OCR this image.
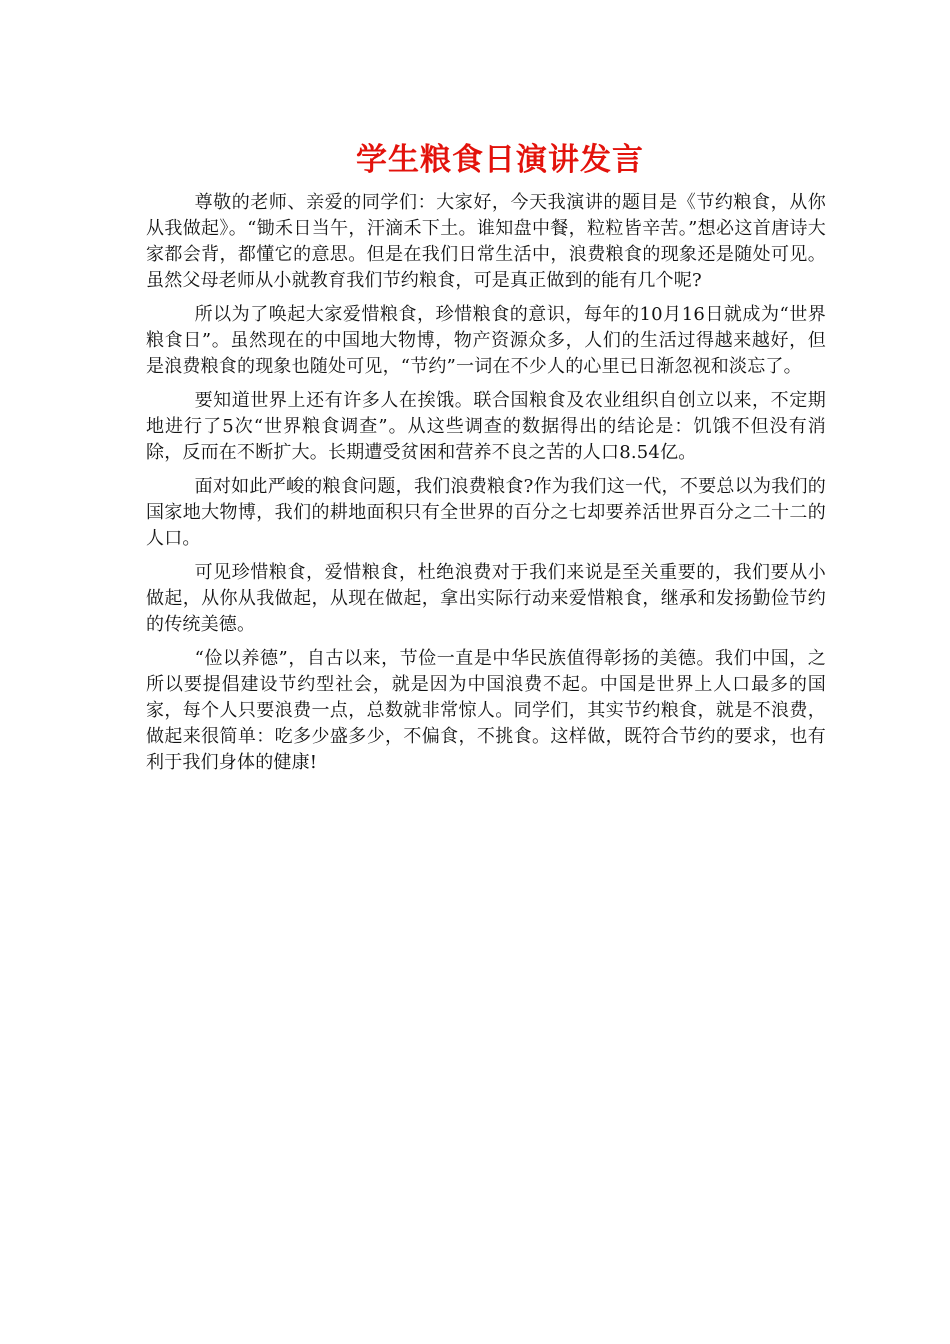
学生粮食日演讲发言

尊敬的老师、亲爱的同学们：大家好，今天我演讲的题目是《节约粮食，从你从我做起》。“锄禾日当午，汗滴禾下土。谁知盘中餐，粒粒皆辛苦。”想必这首唐诗大家都会背，都懂它的意思。但是在我们日常生活中，浪费粮食的现象还是随处可见。虽然父母老师从小就教育我们节约粮食，可是真正做到的能有几个呢?

所以为了唤起大家爱惜粮食，珍惜粮食的意识，每年的10月16日就成为“世界粮食日”。虽然现在的中国地大物博，物产资源众多，人们的生活过得越来越好，但是浪费粮食的现象也随处可见，“节约”一词在不少人的心里已日渐忽视和淡忘了。

要知道世界上还有许多人在挨饿。联合国粮食及农业组织自创立以来，不定期地进行了5次“世界粮食调查”。从这些调查的数据得出的结论是：饥饿不但没有消除，反而在不断扩大。长期遭受贫困和营养不良之苦的人口8.54亿。

面对如此严峻的粮食问题，我们浪费粮食?作为我们这一代，不要总以为我们的国家地大物博，我们的耕地面积只有全世界的百分之七却要养活世界百分之二十二的人口。

可见珍惜粮食，爱惜粮食，杜绝浪费对于我们来说是至关重要的，我们要从小做起，从你从我做起，从现在做起，拿出实际行动来爱惜粮食，继承和发扬勤俭节约的传统美德。

“俭以养德”，自古以来，节俭一直是中华民族值得彰扬的美德。我们中国，之所以要提倡建设节约型社会，就是因为中国浪费不起。中国是世界上人口最多的国家，每个人只要浪费一点，总数就非常惊人。同学们，其实节约粮食，就是不浪费，做起来很简单：吃多少盛多少，不偏食，不挑食。这样做，既符合节约的要求，也有利于我们身体的健康!
